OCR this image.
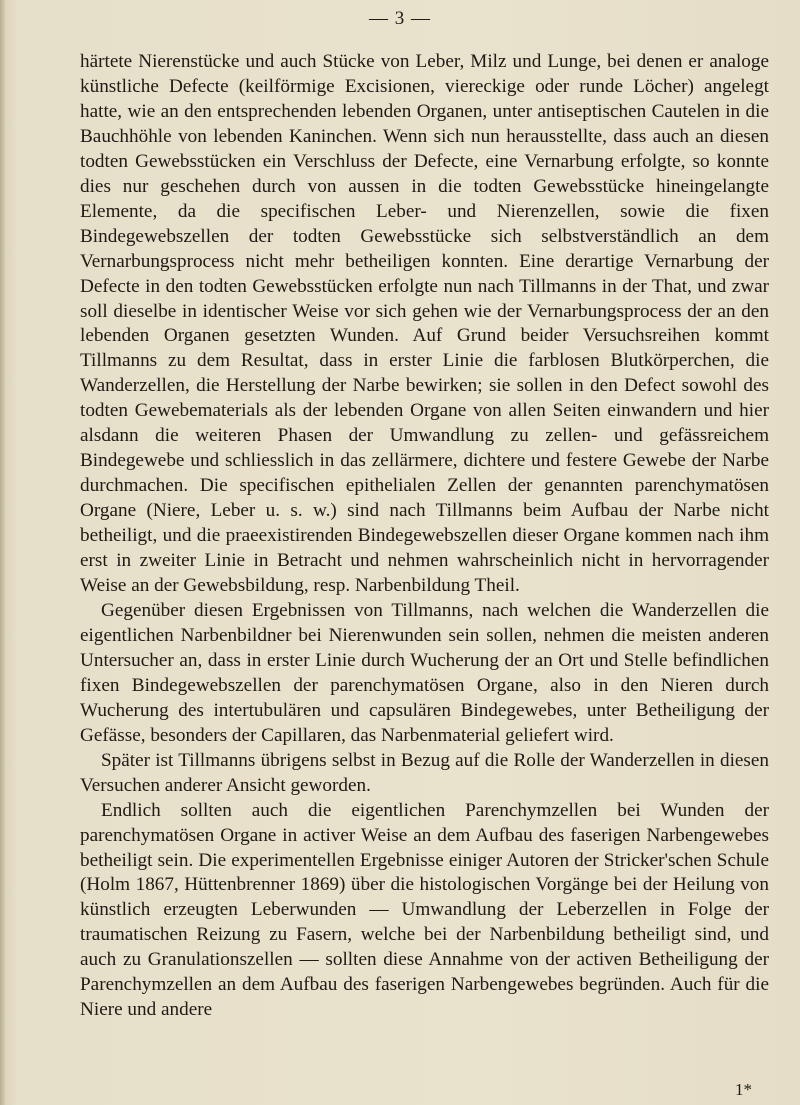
— 3 —

härtete Nierenstücke und auch Stücke von Leber, Milz und Lunge, bei denen er analoge künstliche Defecte (keilförmige Excisionen, viereckige oder runde Löcher) angelegt hatte, wie an den entsprechenden lebenden Organen, unter antiseptischen Cautelen in die Bauchhöhle von lebenden Kaninchen. Wenn sich nun herausstellte, dass auch an diesen todten Gewebsstücken ein Verschluss der Defecte, eine Vernarbung erfolgte, so konnte dies nur geschehen durch von aussen in die todten Gewebsstücke hineingelangte Elemente, da die specifischen Leber- und Nierenzellen, sowie die fixen Bindegewebszellen der todten Gewebsstücke sich selbstverständlich an dem Vernarbungsprocess nicht mehr betheiligen konnten. Eine derartige Vernarbung der Defecte in den todten Gewebsstücken erfolgte nun nach Tillmanns in der That, und zwar soll dieselbe in identischer Weise vor sich gehen wie der Vernarbungsprocess der an den lebenden Organen gesetzten Wunden. Auf Grund beider Versuchsreihen kommt Tillmanns zu dem Resultat, dass in erster Linie die farblosen Blutkörperchen, die Wanderzellen, die Herstellung der Narbe bewirken; sie sollen in den Defect sowohl des todten Gewebematerials als der lebenden Organe von allen Seiten einwandern und hier alsdann die weiteren Phasen der Umwandlung zu zellen- und gefässreichem Bindegewebe und schliesslich in das zellärmere, dichtere und festere Gewebe der Narbe durchmachen. Die specifischen epithelialen Zellen der genannten parenchymatösen Organe (Niere, Leber u. s. w.) sind nach Tillmanns beim Aufbau der Narbe nicht betheiligt, und die praeexistirenden Bindegewebszellen dieser Organe kommen nach ihm erst in zweiter Linie in Betracht und nehmen wahrscheinlich nicht in hervorragender Weise an der Gewebsbildung, resp. Narbenbildung Theil.

Gegenüber diesen Ergebnissen von Tillmanns, nach welchen die Wanderzellen die eigentlichen Narbenbildner bei Nierenwunden sein sollen, nehmen die meisten anderen Untersucher an, dass in erster Linie durch Wucherung der an Ort und Stelle befindlichen fixen Bindegewebszellen der parenchymatösen Organe, also in den Nieren durch Wucherung des intertubulären und capsulären Bindegewebes, unter Betheiligung der Gefässe, besonders der Capillaren, das Narbenmaterial geliefert wird.

Später ist Tillmanns übrigens selbst in Bezug auf die Rolle der Wanderzellen in diesen Versuchen anderer Ansicht geworden.

Endlich sollten auch die eigentlichen Parenchymzellen bei Wunden der parenchymatösen Organe in activer Weise an dem Aufbau des faserigen Narbengewebes betheiligt sein. Die experimentellen Ergebnisse einiger Autoren der Stricker'schen Schule (Holm 1867, Hüttenbrenner 1869) über die histologischen Vorgänge bei der Heilung von künstlich erzeugten Leberwunden — Umwandlung der Leberzellen in Folge der traumatischen Reizung zu Fasern, welche bei der Narbenbildung betheiligt sind, und auch zu Granulationszellen — sollten diese Annahme von der activen Betheiligung der Parenchymzellen an dem Aufbau des faserigen Narbengewebes begründen. Auch für die Niere und andere

1*
